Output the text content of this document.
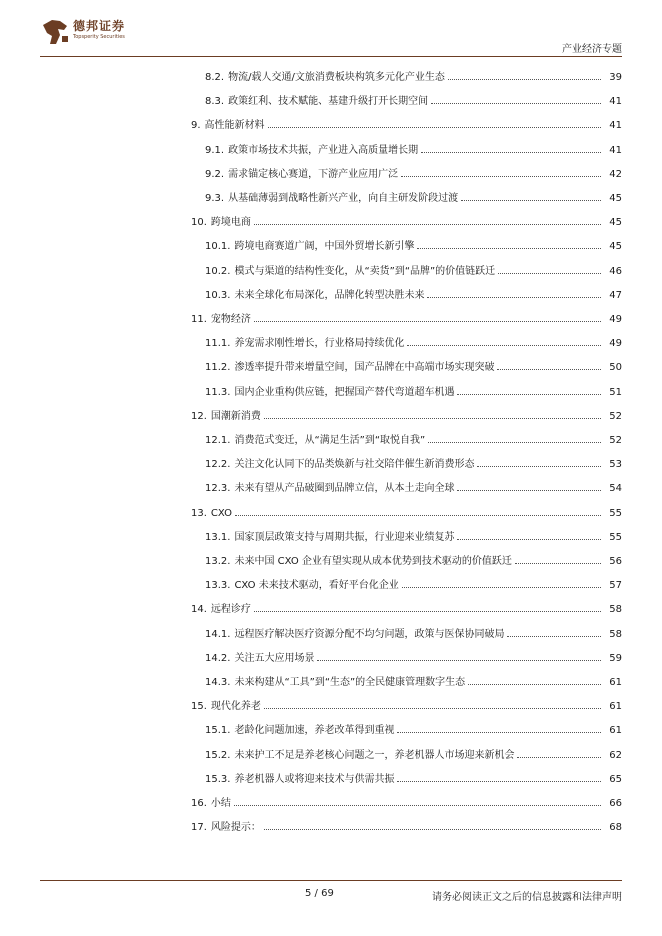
德邦证券
Topsperity Securities
产业经济专题
8.2. 物流/载人交通/文旅消费板块构筑多元化产业生态	39
8.3. 政策红利、技术赋能、基建升级打开长期空间	41
9. 高性能新材料	41
9.1. 政策市场技术共振，产业进入高质量增长期	41
9.2. 需求锚定核心赛道，下游产业应用广泛	42
9.3. 从基础薄弱到战略性新兴产业，向自主研发阶段过渡	45
10. 跨境电商	45
10.1. 跨境电商赛道广阔，中国外贸增长新引擎	45
10.2. 模式与渠道的结构性变化，从“卖货”到“品牌”的价值链跃迁	46
10.3. 未来全球化布局深化，品牌化转型决胜未来	47
11. 宠物经济	49
11.1. 养宠需求刚性增长，行业格局持续优化	49
11.2. 渗透率提升带来增量空间，国产品牌在中高端市场实现突破	50
11.3. 国内企业重构供应链，把握国产替代弯道超车机遇	51
12. 国潮新消费	52
12.1. 消费范式变迁，从“满足生活”到“取悦自我”	52
12.2. 关注文化认同下的品类焕新与社交陪伴催生新消费形态	53
12.3. 未来有望从产品破圈到品牌立信，从本土走向全球	54
13. CXO	55
13.1. 国家顶层政策支持与周期共振，行业迎来业绩复苏	55
13.2. 未来中国 CXO 企业有望实现从成本优势到技术驱动的价值跃迁	56
13.3. CXO 未来技术驱动，看好平台化企业	57
14. 远程诊疗	58
14.1. 远程医疗解决医疗资源分配不均匀问题，政策与医保协同破局	58
14.2. 关注五大应用场景	59
14.3. 未来构建从“工具”到“生态”的全民健康管理数字生态	61
15. 现代化养老	61
15.1. 老龄化问题加速，养老改革得到重视	61
15.2. 未来护工不足是养老核心问题之一，养老机器人市场迎来新机会	62
15.3. 养老机器人或将迎来技术与供需共振	65
16. 小结	66
17. 风险提示：	68
5 / 69	请务必阅读正文之后的信息披露和法律声明
